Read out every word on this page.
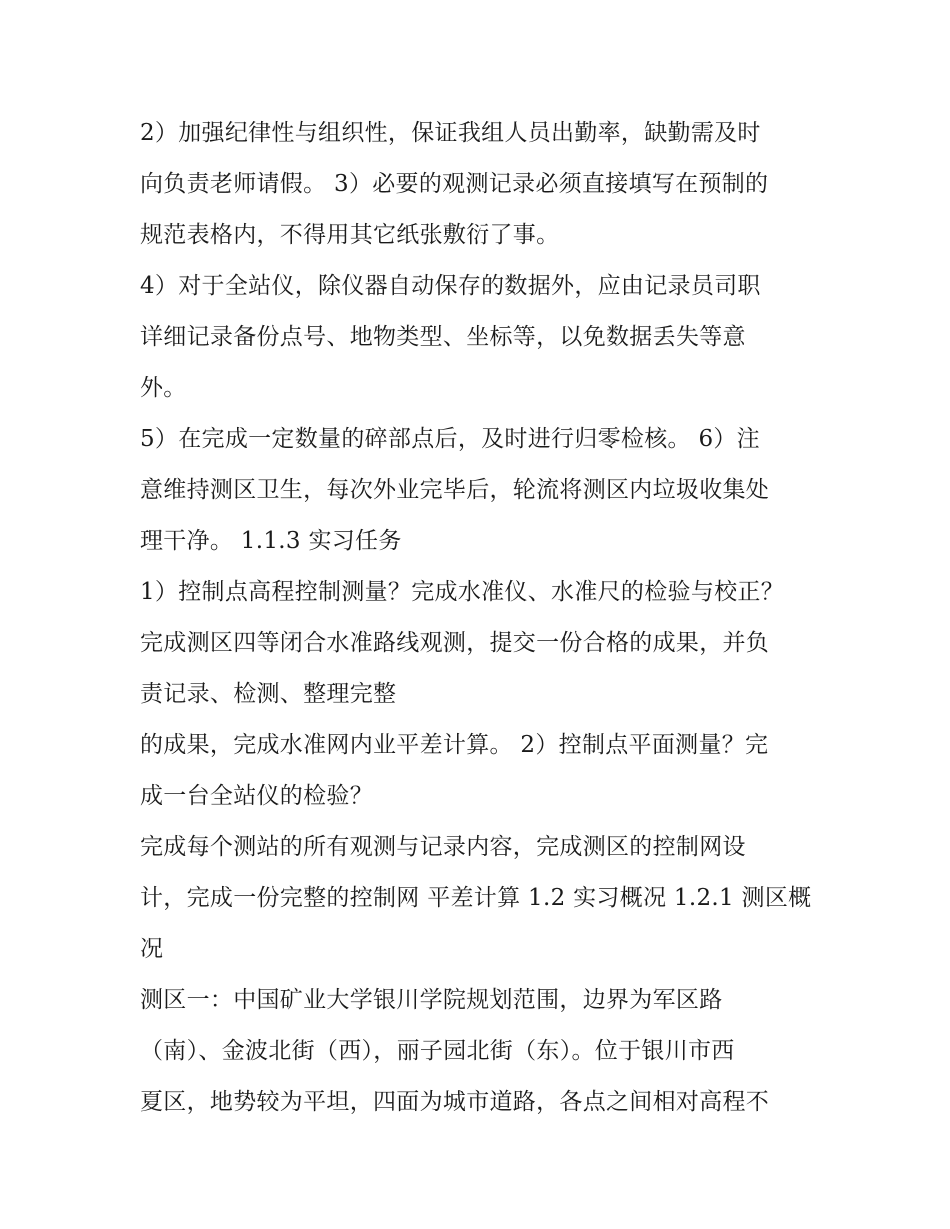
2）加强纪律性与组织性，保证我组人员出勤率，缺勤需及时
向负责老师请假。 3）必要的观测记录必须直接填写在预制的
规范表格内，不得用其它纸张敷衍了事。
4）对于全站仪，除仪器自动保存的数据外，应由记录员司职
详细记录备份点号、地物类型、坐标等，以免数据丢失等意
外。
5）在完成一定数量的碎部点后，及时进行归零检核。 6）注
意维持测区卫生，每次外业完毕后，轮流将测区内垃圾收集处
理干净。 1.1.3 实习任务
1）控制点高程控制测量？完成水准仪、水准尺的检验与校正？
完成测区四等闭合水准路线观测，提交一份合格的成果，并负
责记录、检测、整理完整
的成果，完成水准网内业平差计算。 2）控制点平面测量？完
成一台全站仪的检验？
完成每个测站的所有观测与记录内容，完成测区的控制网设
计，完成一份完整的控制网 平差计算 1.2 实习概况 1.2.1 测区概
况
测区一：中国矿业大学银川学院规划范围，边界为军区路
（南）、金波北街（西），丽子园北街（东）。位于银川市西
夏区，地势较为平坦，四面为城市道路，各点之间相对高程不
